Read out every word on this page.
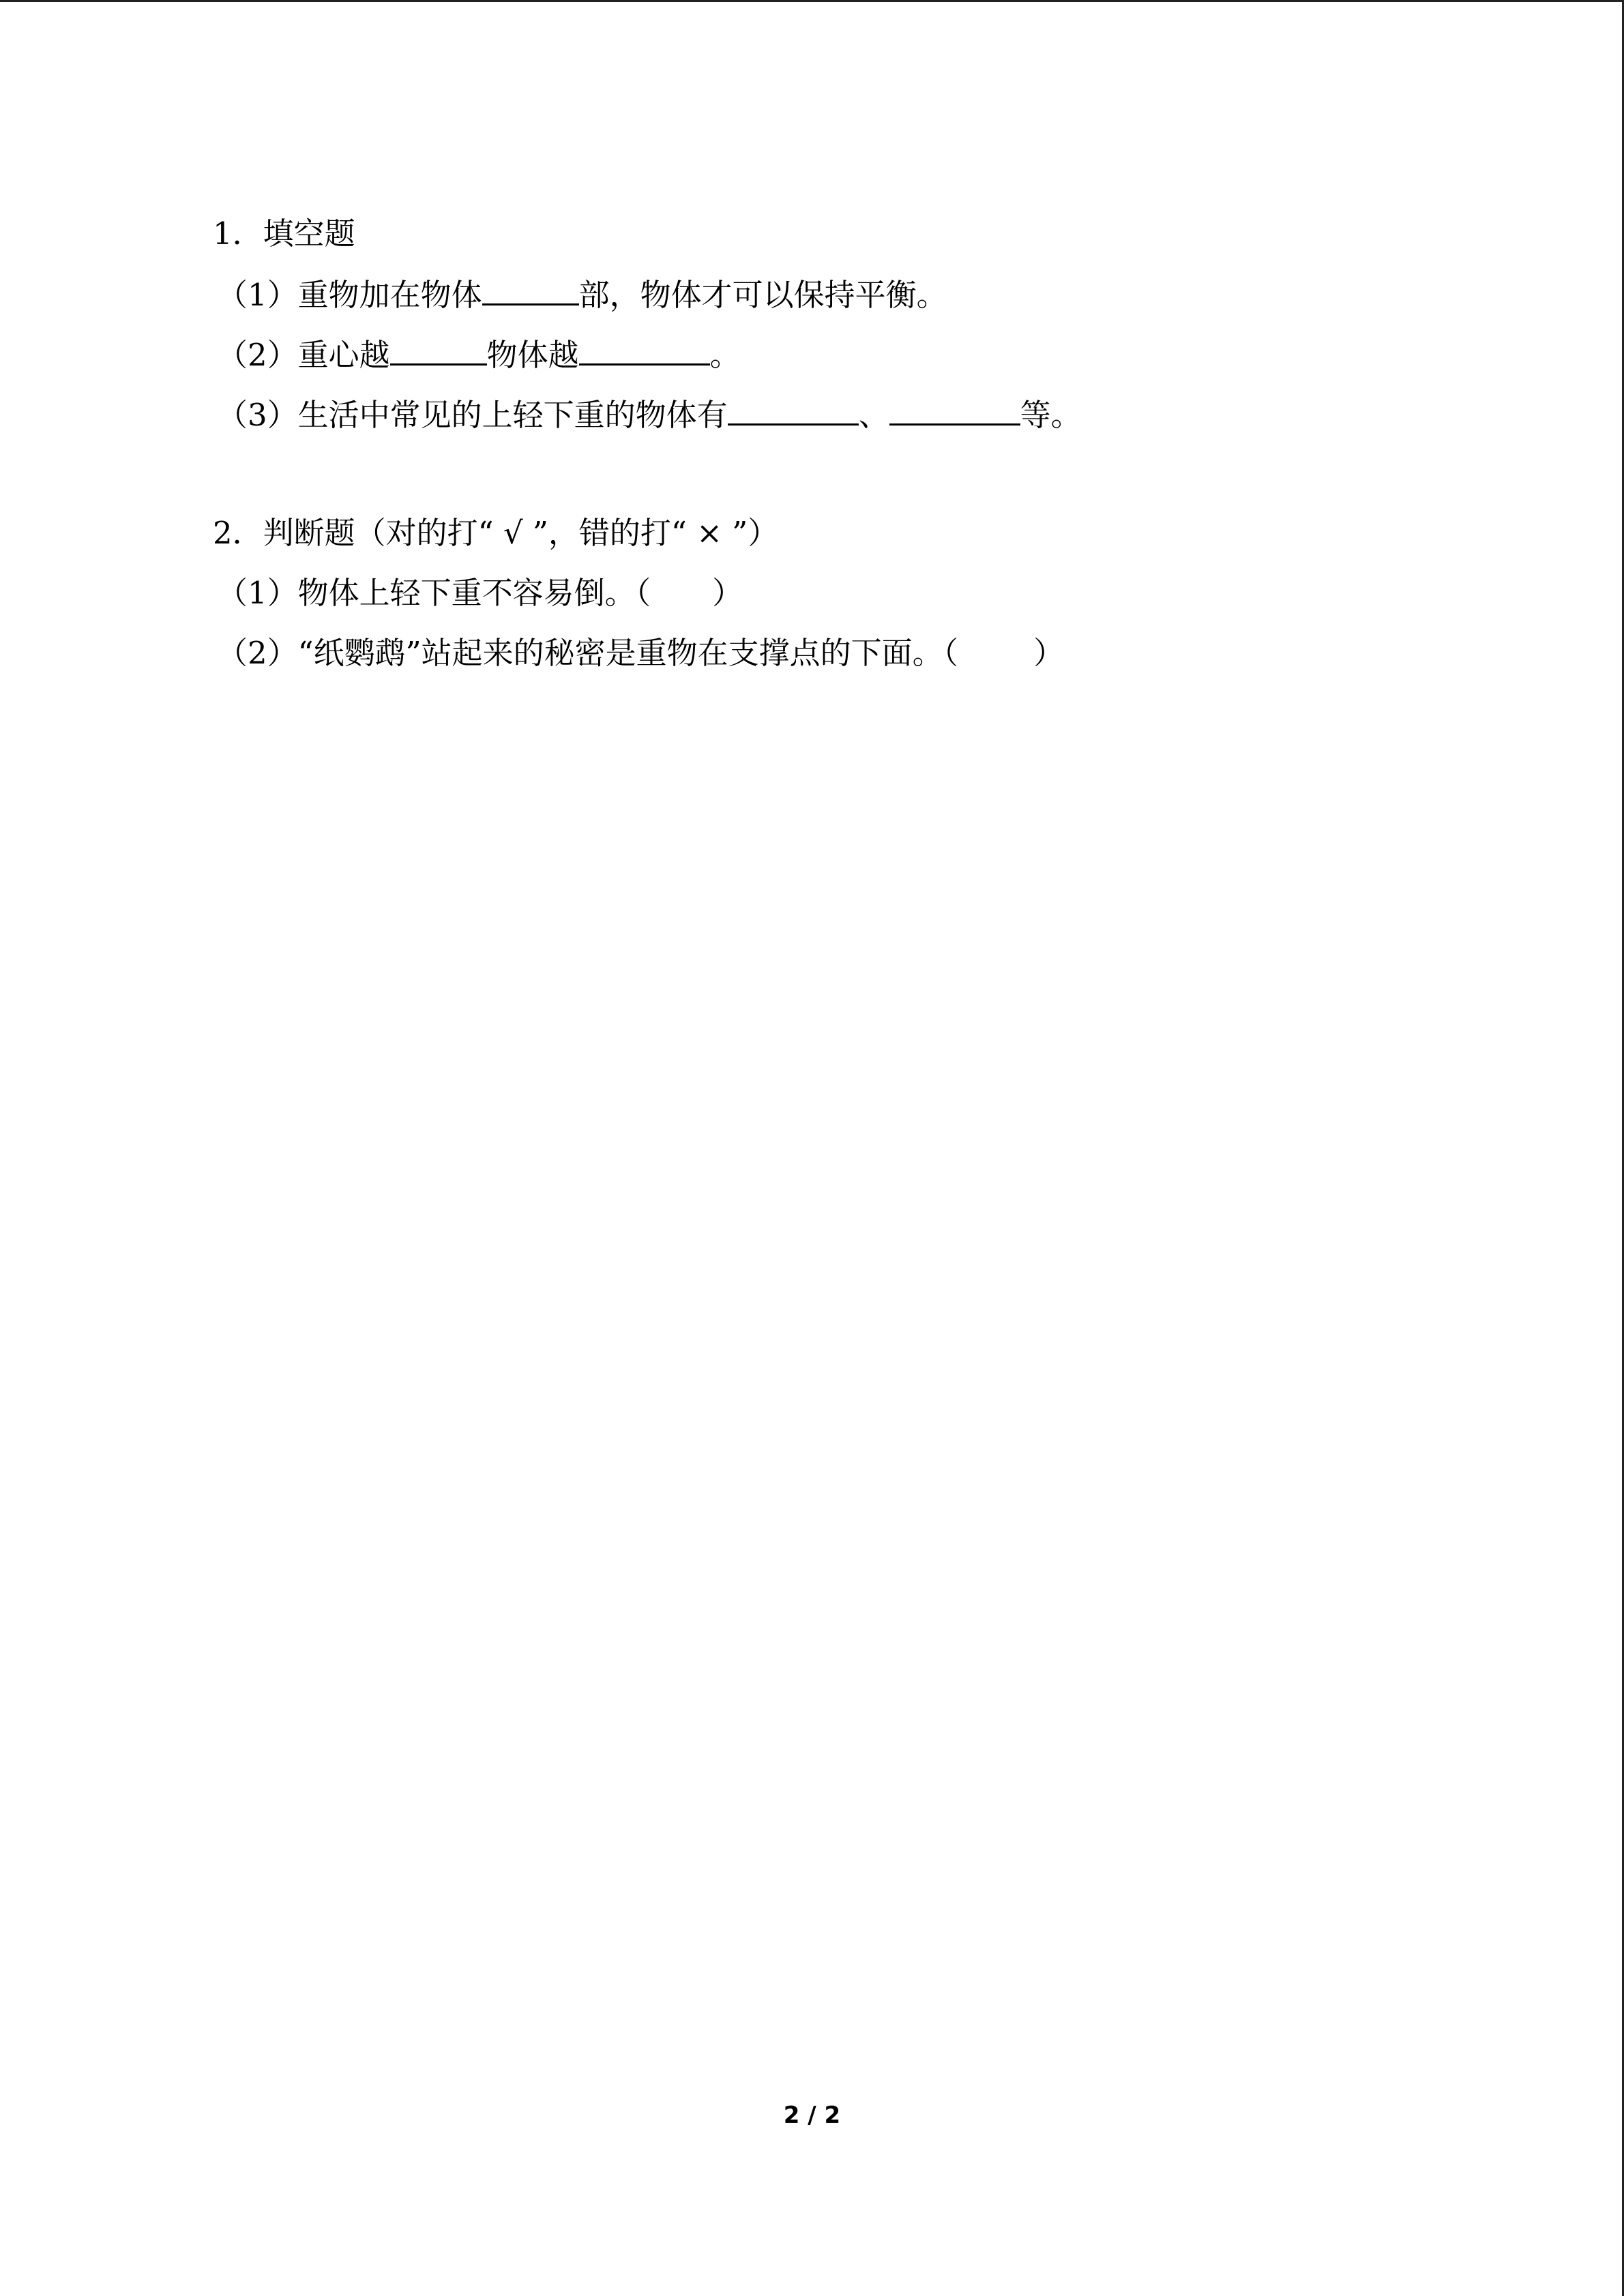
1．填空题
（1）重物加在物体	部，物体才可以保持平衡。
（2）重心越	物体越	。
（3）生活中常见的上轻下重的物体有	、	等。
2．判断题（对的打“ √ ”，错的打“ × ”）
（1）物体上轻下重不容易倒。（ ）
（2）“纸鹦鹉”站起来的秘密是重物在支撑点的下面。（ ）
2 / 2
